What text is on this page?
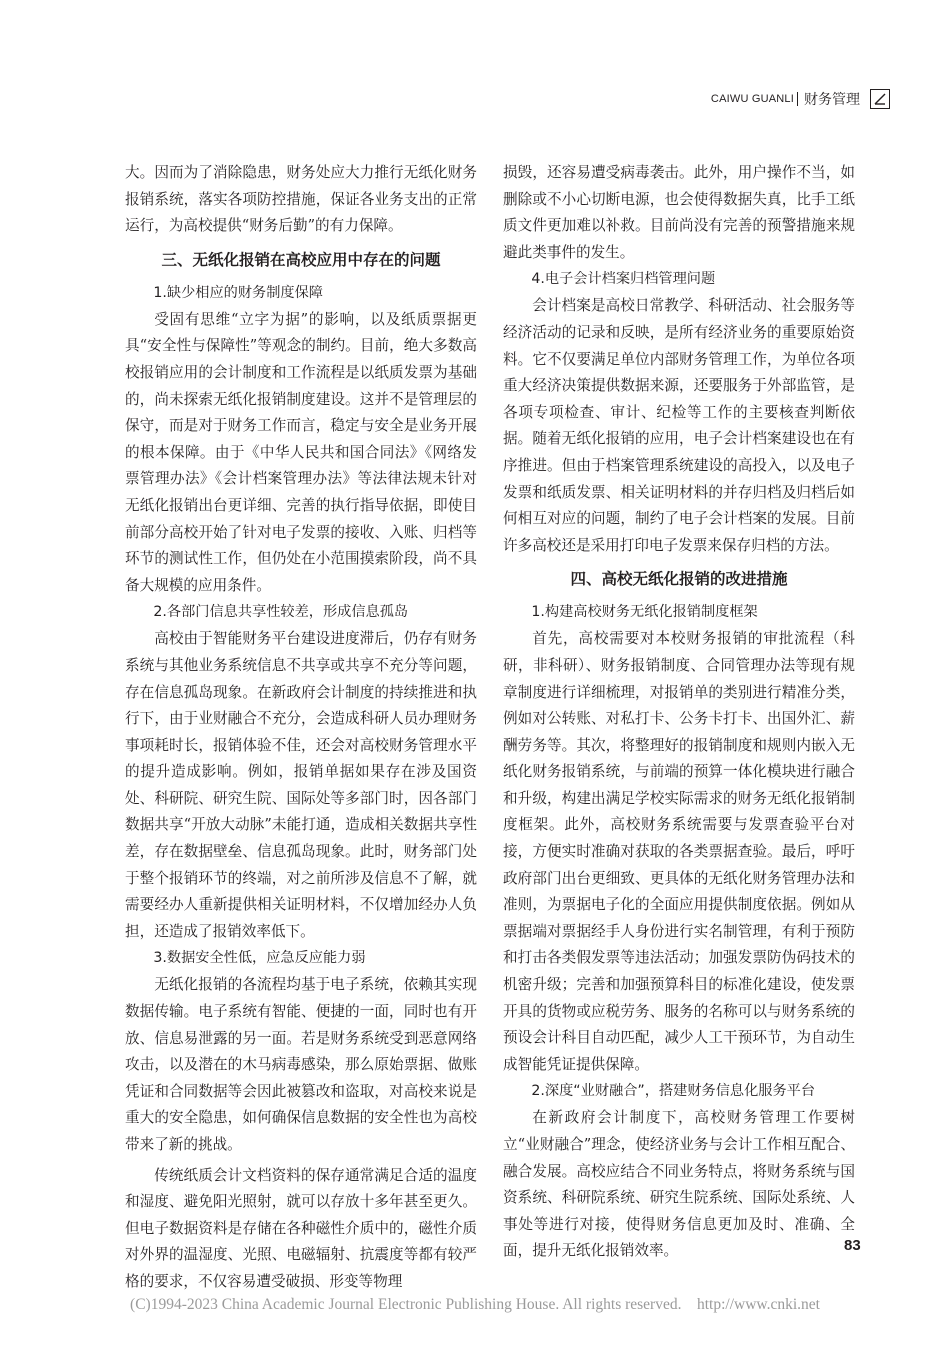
CAIWU GUANLI 财务管理

大。因而为了消除隐患，财务处应大力推行无纸化财务报销系统，落实各项防控措施，保证各业务支出的正常运行，为高校提供“财务后勤”的有力保障。

三、无纸化报销在高校应用中存在的问题
1.缺少相应的财务制度保障

受固有思维“立字为据”的影响，以及纸质票据更具“安全性与保障性”等观念的制约。目前，绝大多数高校报销应用的会计制度和工作流程是以纸质发票为基础的，尚未探索无纸化报销制度建设。这并不是管理层的保守，而是对于财务工作而言，稳定与安全是业务开展的根本保障。由于《中华人民共和国合同法》《网络发票管理办法》《会计档案管理办法》等法律法规未针对无纸化报销出台更详细、完善的执行指导依据，即使目前部分高校开始了针对电子发票的接收、入账、归档等环节的测试性工作，但仍处在小范围摸索阶段，尚不具备大规模的应用条件。

2.各部门信息共享性较差，形成信息孤岛

高校由于智能财务平台建设进度滞后，仍存有财务系统与其他业务系统信息不共享或共享不充分等问题，存在信息孤岛现象。在新政府会计制度的持续推进和执行下，由于业财融合不充分，会造成科研人员办理财务事项耗时长，报销体验不佳，还会对高校财务管理水平的提升造成影响。例如，报销单据如果存在涉及国资处、科研院、研究生院、国际处等多部门时，因各部门数据共享“开放大动脉”未能打通，造成相关数据共享性差，存在数据壁垒、信息孤岛现象。此时，财务部门处于整个报销环节的终端，对之前所涉及信息不了解，就需要经办人重新提供相关证明材料，不仅增加经办人负担，还造成了报销效率低下。

3.数据安全性低，应急反应能力弱

无纸化报销的各流程均基于电子系统，依赖其实现数据传输。电子系统有智能、便捷的一面，同时也有开放、信息易泄露的另一面。若是财务系统受到恶意网络攻击，以及潜在的木马病毒感染，那么原始票据、做账凭证和合同数据等会因此被篡改和盗取，对高校来说是重大的安全隐患，如何确保信息数据的安全性也为高校带来了新的挑战。

传统纸质会计文档资料的保存通常满足合适的温度和湿度、避免阳光照射，就可以存放十多年甚至更久。但电子数据资料是存储在各种磁性介质中的，磁性介质对外界的温湿度、光照、电磁辐射、抗震度等都有较严格的要求，不仅容易遭受破损、形变等物理

损毁，还容易遭受病毒袭击。此外，用户操作不当，如删除或不小心切断电源，也会使得数据失真，比手工纸质文件更加难以补救。目前尚没有完善的预警措施来规避此类事件的发生。

4.电子会计档案归档管理问题

会计档案是高校日常教学、科研活动、社会服务等经济活动的记录和反映，是所有经济业务的重要原始资料。它不仅要满足单位内部财务管理工作，为单位各项重大经济决策提供数据来源，还要服务于外部监管，是各项专项检查、审计、纪检等工作的主要核查判断依据。随着无纸化报销的应用，电子会计档案建设也在有序推进。但由于档案管理系统建设的高投入，以及电子发票和纸质发票、相关证明材料的并存归档及归档后如何相互对应的问题，制约了电子会计档案的发展。目前许多高校还是采用打印电子发票来保存归档的方法。

四、高校无纸化报销的改进措施
1.构建高校财务无纸化报销制度框架

首先，高校需要对本校财务报销的审批流程（科研，非科研）、财务报销制度、合同管理办法等现有规章制度进行详细梳理，对报销单的类别进行精准分类，例如对公转账、对私打卡、公务卡打卡、出国外汇、薪酬劳务等。其次，将整理好的报销制度和规则内嵌入无纸化财务报销系统，与前端的预算一体化模块进行融合和升级，构建出满足学校实际需求的财务无纸化报销制度框架。此外，高校财务系统需要与发票查验平台对接，方便实时准确对获取的各类票据查验。最后，呼吁政府部门出台更细致、更具体的无纸化财务管理办法和准则，为票据电子化的全面应用提供制度依据。例如从票据端对票据经手人身份进行实名制管理，有利于预防和打击各类假发票等违法活动；加强发票防伪码技术的机密升级；完善和加强预算科目的标准化建设，使发票开具的货物或应税劳务、服务的名称可以与财务系统的预设会计科目自动匹配，减少人工干预环节，为自动生成智能凭证提供保障。

2.深度“业财融合”，搭建财务信息化服务平台

在新政府会计制度下，高校财务管理工作要树立“业财融合”理念，使经济业务与会计工作相互配合、融合发展。高校应结合不同业务特点，将财务系统与国资系统、科研院系统、研究生院系统、国际处系统、人事处等进行对接，使得财务信息更加及时、准确、全面，提升无纸化报销效率。	83
(C)1994-2023 China Academic Journal Electronic Publishing House. All rights reserved.    http://www.cnki.net
